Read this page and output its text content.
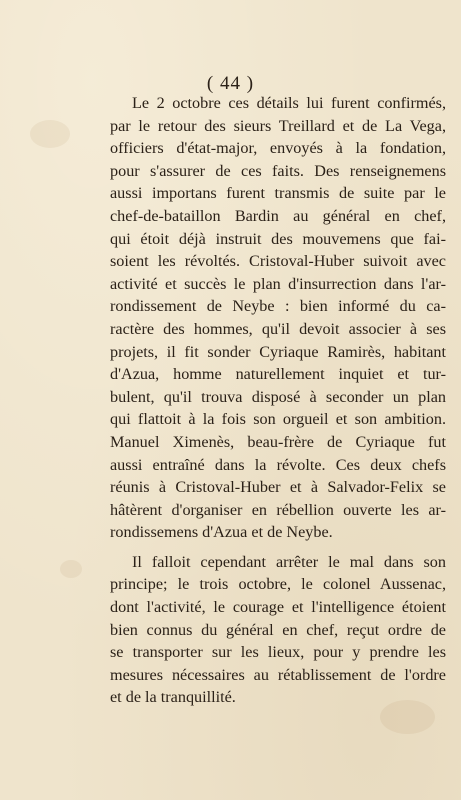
( 44 )
Le 2 octobre ces détails lui furent confirmés,
par le retour des sieurs Treillard et de La Vega,
officiers d'état-major, envoyés à la fondation,
pour s'assurer de ces faits. Des renseignemens
aussi importans furent transmis de suite par le
chef-de-bataillon Bardin au général en chef,
qui étoit déjà instruit des mouvemens que fai-
soient les révoltés. Cristoval-Huber suivoit avec
activité et succès le plan d'insurrection dans l'ar-
rondissement de Neybe : bien informé du ca-
ractère des hommes, qu'il devoit associer à ses
projets, il fit sonder Cyriaque Ramirès, habitant
d'Azua, homme naturellement inquiet et tur-
bulent, qu'il trouva disposé à seconder un plan
qui flattoit à la fois son orgueil et son ambition.
Manuel Ximenès, beau-frère de Cyriaque fut
aussi entraîné dans la révolte. Ces deux chefs
réunis à Cristoval-Huber et à Salvador-Felix se
hâtèrent d'organiser en rébellion ouverte les ar-
rondissemens d'Azua et de Neybe.
Il falloit cependant arrêter le mal dans son
principe; le trois octobre, le colonel Aussenac,
dont l'activité, le courage et l'intelligence étoient
bien connus du général en chef, reçut ordre de
se transporter sur les lieux, pour y prendre les
mesures nécessaires au rétablissement de l'ordre
et de la tranquillité.
